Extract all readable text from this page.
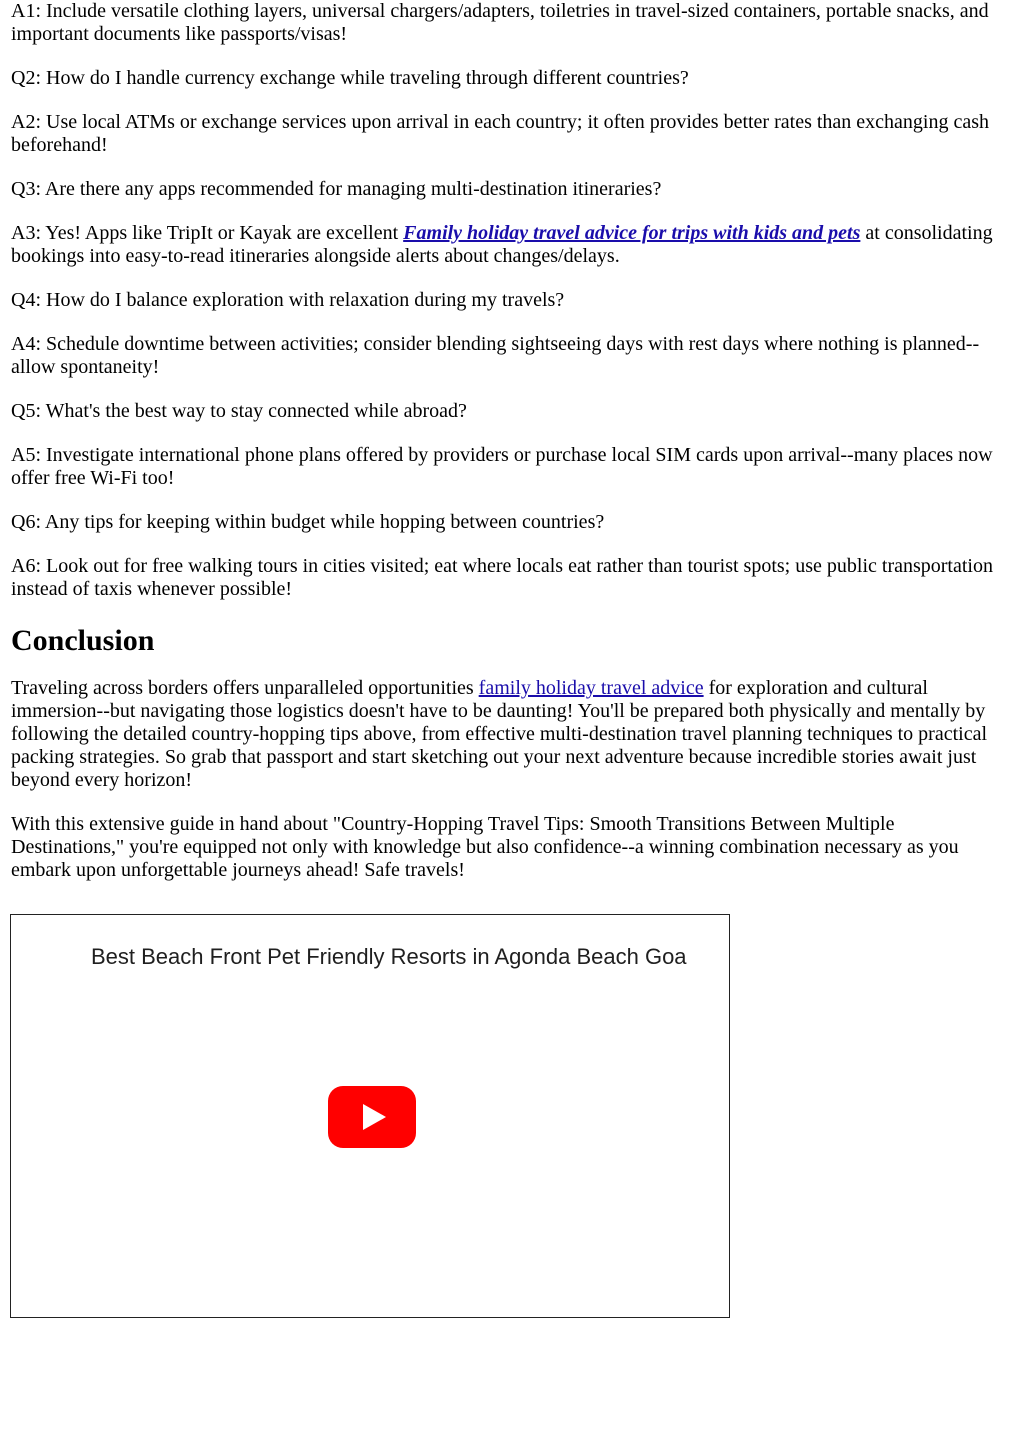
A1: Include versatile clothing layers, universal chargers/adapters, toiletries in travel-sized containers, portable snacks, and important documents like passports/visas!

Q2: How do I handle currency exchange while traveling through different countries?

A2: Use local ATMs or exchange services upon arrival in each country; it often provides better rates than exchanging cash beforehand!

Q3: Are there any apps recommended for managing multi-destination itineraries?

A3: Yes! Apps like TripIt or Kayak are excellent Family holiday travel advice for trips with kids and pets at consolidating bookings into easy-to-read itineraries alongside alerts about changes/delays.

Q4: How do I balance exploration with relaxation during my travels?

A4: Schedule downtime between activities; consider blending sightseeing days with rest days where nothing is planned--allow spontaneity!

Q5: What's the best way to stay connected while abroad?

A5: Investigate international phone plans offered by providers or purchase local SIM cards upon arrival--many places now offer free Wi-Fi too!

Q6: Any tips for keeping within budget while hopping between countries?

A6: Look out for free walking tours in cities visited; eat where locals eat rather than tourist spots; use public transportation instead of taxis whenever possible!

Conclusion

Traveling across borders offers unparalleled opportunities family holiday travel advice for exploration and cultural immersion--but navigating those logistics doesn't have to be daunting! You'll be prepared both physically and mentally by following the detailed country-hopping tips above, from effective multi-destination travel planning techniques to practical packing strategies. So grab that passport and start sketching out your next adventure because incredible stories await just beyond every horizon!

With this extensive guide in hand about "Country-Hopping Travel Tips: Smooth Transitions Between Multiple Destinations," you're equipped not only with knowledge but also confidence--a winning combination necessary as you embark upon unforgettable journeys ahead! Safe travels!

Best Beach Front Pet Friendly Resorts in Agonda Beach Goa
